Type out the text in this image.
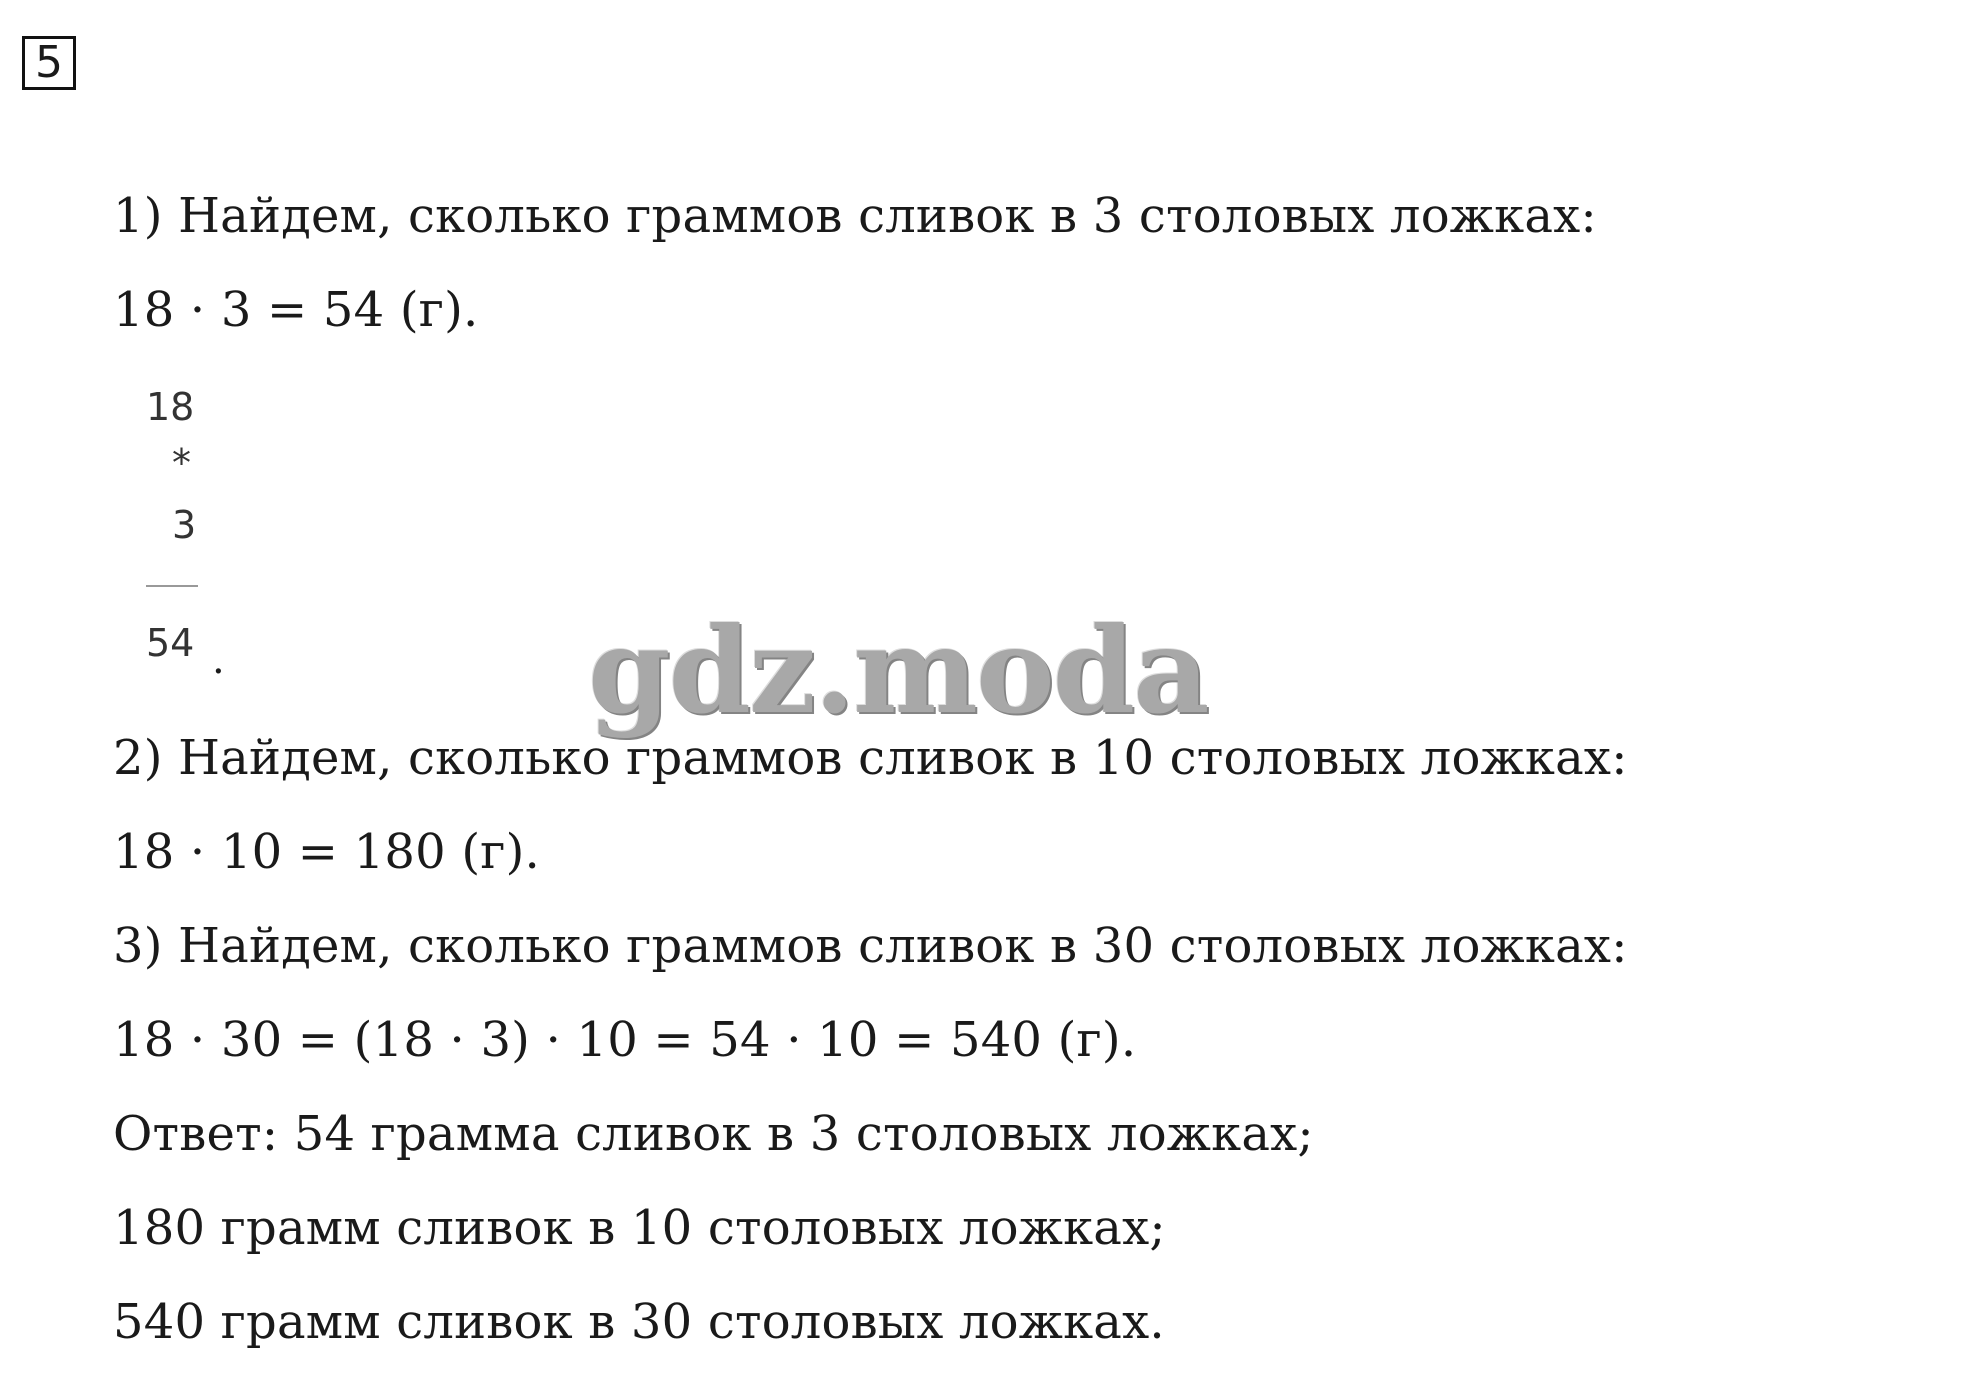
5
1) Найдем, сколько граммов сливок в 3 столовых ложках:
18 · 3 = 54 (г).
18
*
3
54 .	gdz.moda
2) Найдем, сколько граммов сливок в 10 столовых ложках:
18 · 10 = 180 (г).
3) Найдем, сколько граммов сливок в 30 столовых ложках:
18 · 30 = (18 · 3) · 10 = 54 · 10 = 540 (г).
Ответ: 54 грамма сливок в 3 столовых ложках;
180 грамм сливок в 10 столовых ложках;
540 грамм сливок в 30 столовых ложках.
